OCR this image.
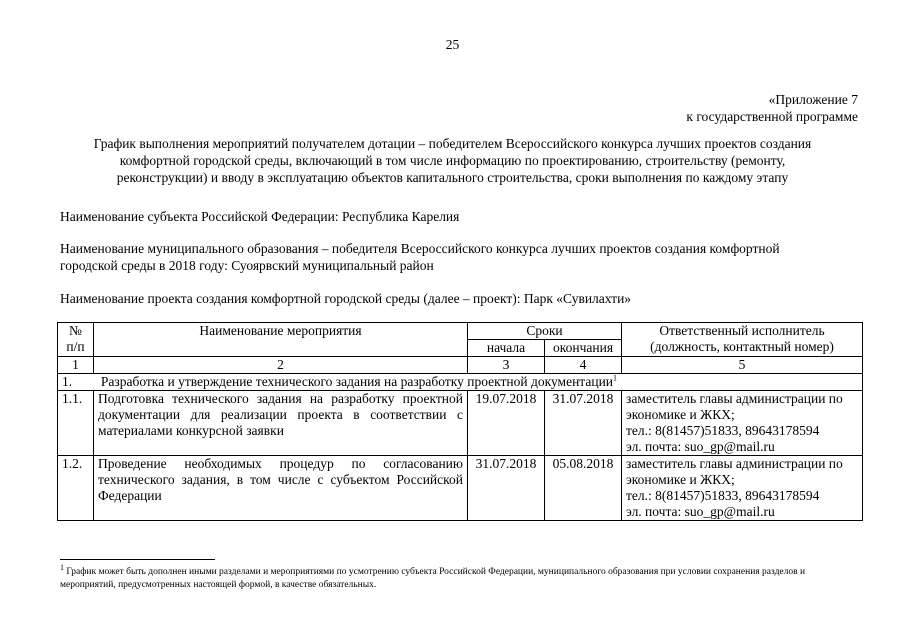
25
«Приложение 7
к государственной программе
График выполнения мероприятий получателем дотации – победителем Всероссийского конкурса лучших проектов создания
комфортной городской среды, включающий в том числе информацию по проектированию, строительству (ремонту,
реконструкции) и вводу в эксплуатацию объектов капитального строительства, сроки выполнения по каждому этапу
Наименование субъекта Российской Федерации: Республика Карелия
Наименование муниципального образования – победителя Всероссийского конкурса лучших проектов создания комфортной
городской среды в 2018 году: Суоярвский муниципальный район
Наименование проекта создания комфортной городской среды (далее – проект): Парк «Сувилахти»
№ п/п	Наименование мероприятия	Сроки		Ответственный исполнитель (должность, контактный номер)
		начала	окончания	
1	2	3	4	5
1. Разработка и утверждение технического задания на разработку проектной документации$^1$
1.1.	Подготовка технического задания на разработку проектной документации для реализации проекта в соответствии с материалами конкурсной заявки	19.07.2018	31.07.2018	заместитель главы администрации по экономике и ЖКХ;
тел.: 8(81457)51833, 89643178594
эл. почта: suo_gp@mail.ru

1.2.	Проведение необходимых процедур по согласованию технического задания, в том числе с субъектом Российской Федерации	31.07.2018	05.08.2018	заместитель главы администрации по экономике и ЖКХ;
тел.: 8(81457)51833, 89643178594
эл. почта: suo_gp@mail.ru
$^1$ График может быть дополнен иными разделами и мероприятиями по усмотрению субъекта Российской Федерации, муниципального образования при условии сохранения разделов и мероприятий, предусмотренных настоящей формой, в качестве обязательных.
